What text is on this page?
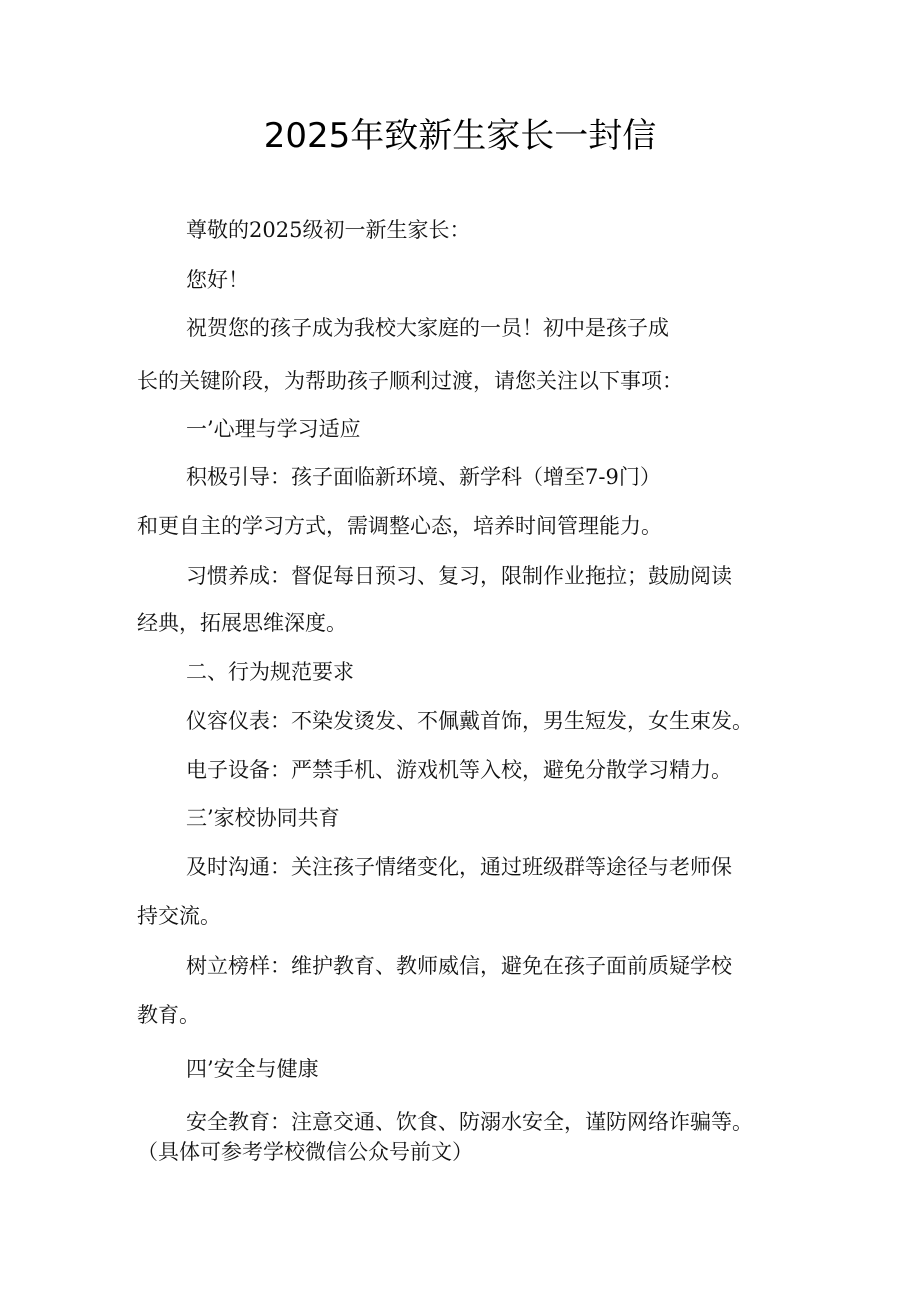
2025年致新生家长一封信
尊敬的2025级初一新生家长：
您好！
祝贺您的孩子成为我校大家庭的一员！初中是孩子成
长的关键阶段，为帮助孩子顺利过渡，请您关注以下事项：
一’心理与学习适应
积极引导：孩子面临新环境、新学科（增至7-9门）
和更自主的学习方式，需调整心态，培养时间管理能力。
习惯养成：督促每日预习、复习，限制作业拖拉；鼓励阅读
经典，拓展思维深度。
二、行为规范要求
仪容仪表：不染发烫发、不佩戴首饰，男生短发，女生束发。
电子设备：严禁手机、游戏机等入校，避免分散学习精力。
三’家校协同共育
及时沟通：关注孩子情绪变化，通过班级群等途径与老师保
持交流。
树立榜样：维护教育、教师威信，避免在孩子面前质疑学校
教育。
四’安全与健康
安全教育：注意交通、饮食、防溺水安全，谨防网络诈骗等。
（具体可参考学校微信公众号前文）
